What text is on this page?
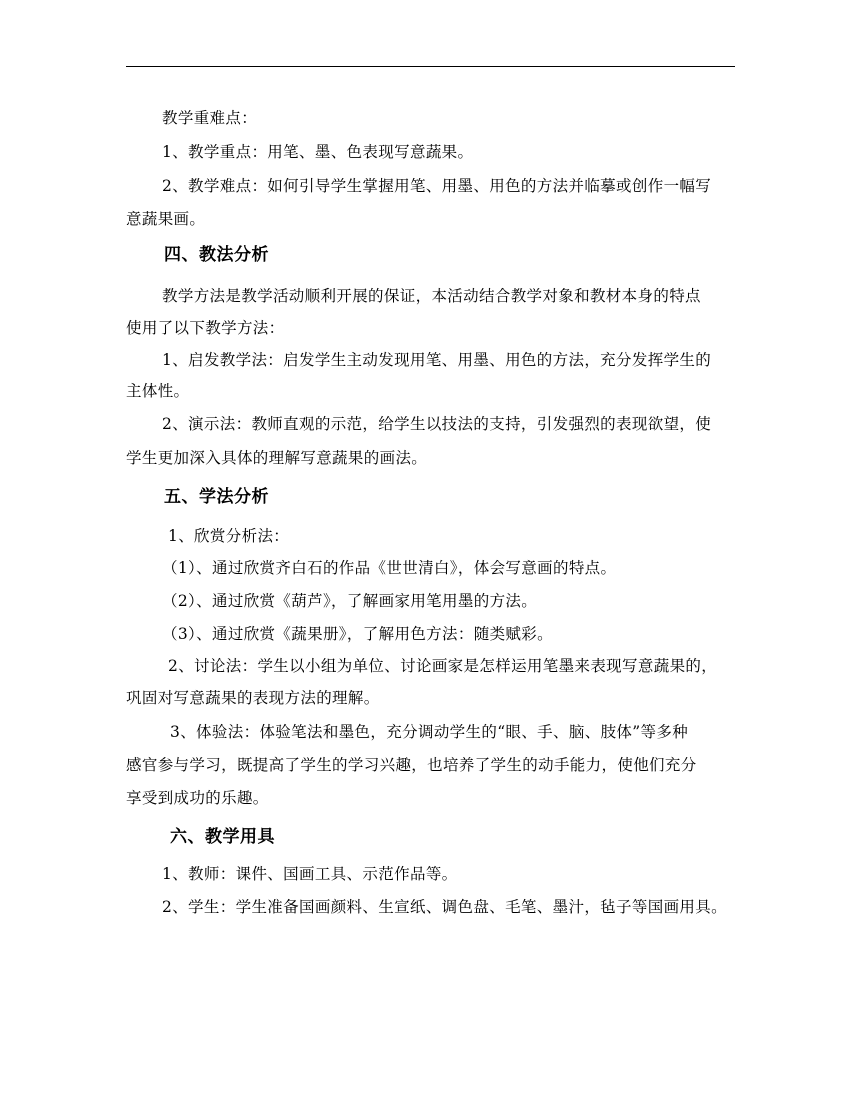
教学重难点：
1、教学重点：用笔、墨、色表现写意蔬果。
2、教学难点：如何引导学生掌握用笔、用墨、用色的方法并临摹或创作一幅写
意蔬果画。
四、教法分析
教学方法是教学活动顺利开展的保证，本活动结合教学对象和教材本身的特点
使用了以下教学方法：
1、启发教学法：启发学生主动发现用笔、用墨、用色的方法，充分发挥学生的
主体性。
2、演示法：教师直观的示范，给学生以技法的支持，引发强烈的表现欲望，使
学生更加深入具体的理解写意蔬果的画法。
五、学法分析
1、欣赏分析法：
（1）、通过欣赏齐白石的作品《世世清白》，体会写意画的特点。
（2）、通过欣赏《葫芦》，了解画家用笔用墨的方法。
（3）、通过欣赏《蔬果册》，了解用色方法：随类赋彩。
2、讨论法：学生以小组为单位、讨论画家是怎样运用笔墨来表现写意蔬果的，
巩固对写意蔬果的表现方法的理解。
3、体验法：体验笔法和墨色，充分调动学生的“眼、手、脑、肢体”等多种
感官参与学习，既提高了学生的学习兴趣，也培养了学生的动手能力，使他们充分
享受到成功的乐趣。
六、教学用具
1、教师：课件、国画工具、示范作品等。
2、学生：学生准备国画颜料、生宣纸、调色盘、毛笔、墨汁，毡子等国画用具。
